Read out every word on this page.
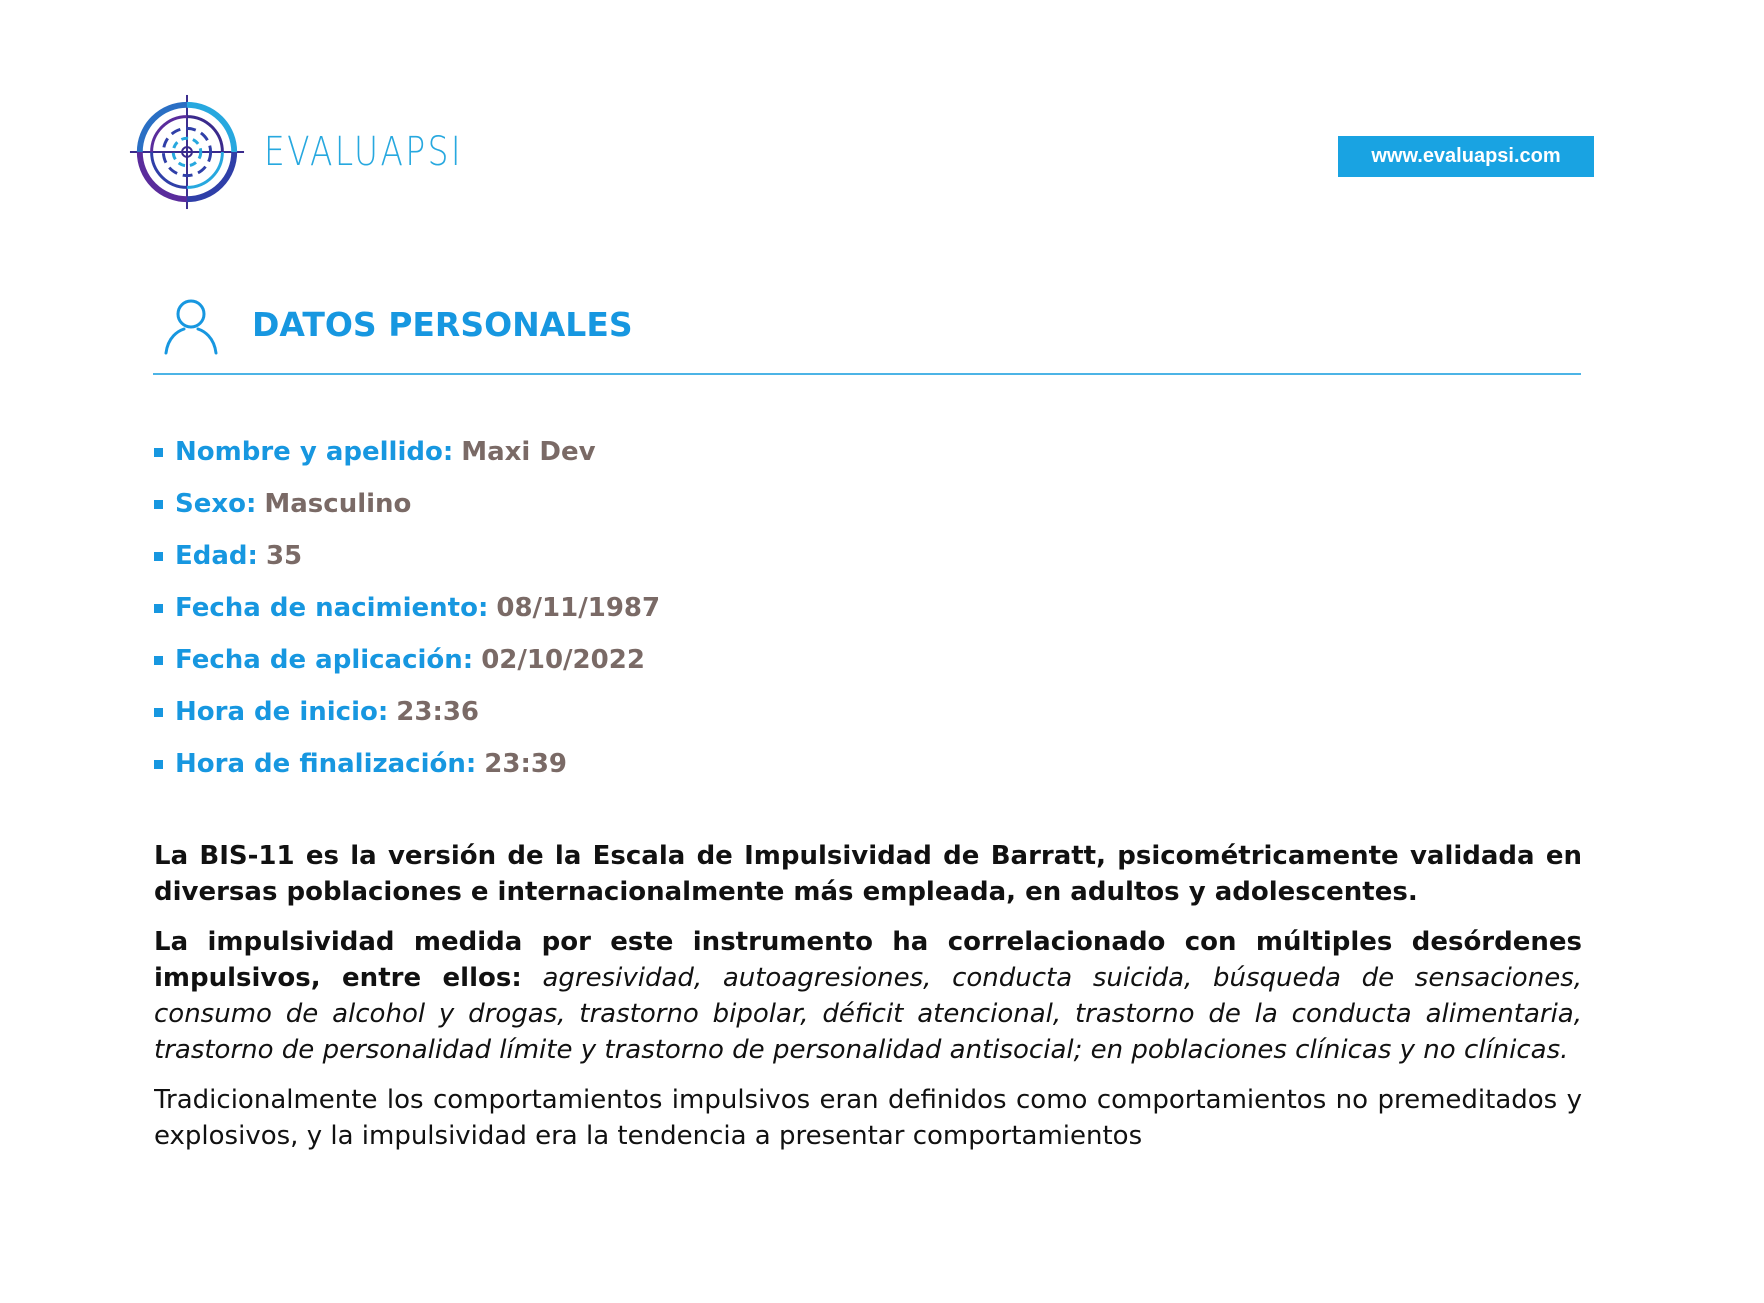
EVALUAPSI	www.evaluapsi.com
DATOS PERSONALES
Nombre y apellido: Maxi Dev
Sexo: Masculino
Edad: 35
Fecha de nacimiento: 08/11/1987
Fecha de aplicación: 02/10/2022
Hora de inicio: 23:36
Hora de finalización: 23:39

La BIS-11 es la versión de la Escala de Impulsividad de Barratt, psicométricamente validada en diversas poblaciones e internacionalmente más empleada, en adultos y adolescentes.

La impulsividad medida por este instrumento ha correlacionado con múltiples desórdenes impulsivos, entre ellos: agresividad, autoagresiones, conducta suicida, búsqueda de sensaciones, consumo de alcohol y drogas, trastorno bipolar, déficit atencional, trastorno de la conducta alimentaria, trastorno de personalidad límite y trastorno de personalidad antisocial; en poblaciones clínicas y no clínicas.

Tradicionalmente los comportamientos impulsivos eran definidos como comportamientos no premeditados y explosivos, y la impulsividad era la tendencia a presentar comportamientos
